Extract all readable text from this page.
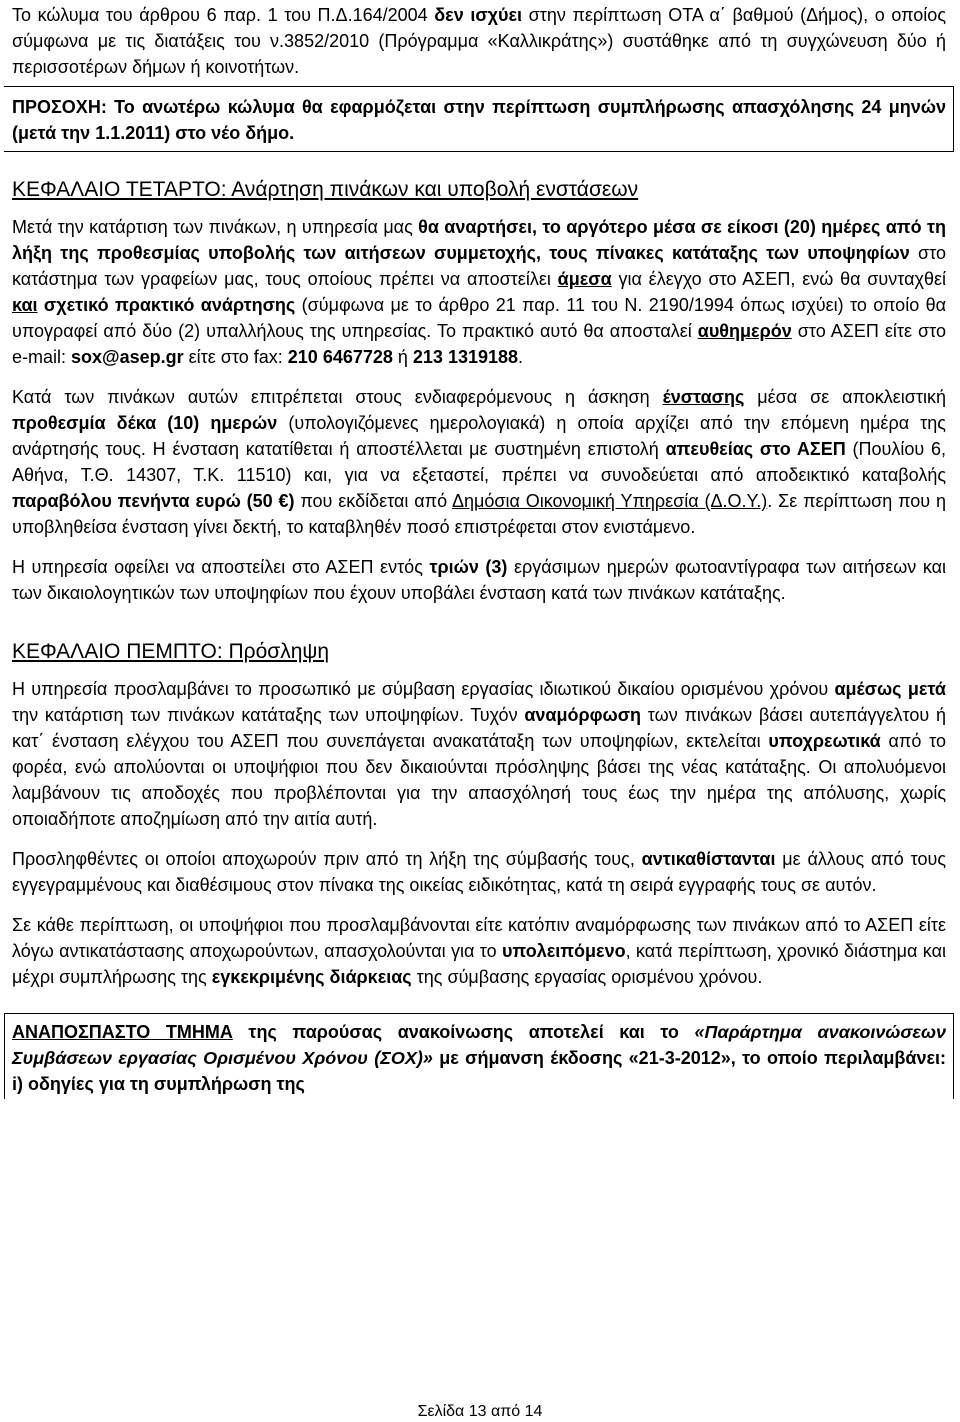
Το κώλυμα του άρθρου 6 παρ. 1 του Π.Δ.164/2004 δεν ισχύει στην περίπτωση ΟΤΑ α΄ βαθμού (Δήμος), ο οποίος σύμφωνα με τις διατάξεις του ν.3852/2010 (Πρόγραμμα «Καλλικράτης») συστάθηκε από τη συγχώνευση δύο ή περισσοτέρων δήμων ή κοινοτήτων.

ΠΡΟΣΟΧΗ: Το ανωτέρω κώλυμα θα εφαρμόζεται στην περίπτωση συμπλήρωσης απασχόλησης 24 μηνών (μετά την 1.1.2011) στο νέο δήμο.

ΚΕΦΑΛΑΙΟ ΤΕΤΑΡΤΟ: Ανάρτηση πινάκων και υποβολή ενστάσεων

Μετά την κατάρτιση των πινάκων, η υπηρεσία μας θα αναρτήσει, το αργότερο μέσα σε είκοσι (20) ημέρες από τη λήξη της προθεσμίας υποβολής των αιτήσεων συμμετοχής, τους πίνακες κατάταξης των υποψηφίων στο κατάστημα των γραφείων μας, τους οποίους πρέπει να αποστείλει άμεσα για έλεγχο στο ΑΣΕΠ, ενώ θα συνταχθεί και σχετικό πρακτικό ανάρτησης (σύμφωνα με το άρθρο 21 παρ. 11 του Ν. 2190/1994 όπως ισχύει) το οποίο θα υπογραφεί από δύο (2) υπαλλήλους της υπηρεσίας. Το πρακτικό αυτό θα αποσταλεί αυθημερόν στο ΑΣΕΠ είτε στο e-mail: sox@asep.gr είτε στο fax: 210 6467728 ή 213 1319188.

Κατά των πινάκων αυτών επιτρέπεται στους ενδιαφερόμενους η άσκηση ένστασης μέσα σε αποκλειστική προθεσμία δέκα (10) ημερών (υπολογιζόμενες ημερολογιακά) η οποία αρχίζει από την επόμενη ημέρα της ανάρτησής τους. Η ένσταση κατατίθεται ή αποστέλλεται με συστημένη επιστολή απευθείας στο ΑΣΕΠ (Πουλίου 6, Αθήνα, Τ.Θ. 14307, Τ.Κ. 11510) και, για να εξεταστεί, πρέπει να συνοδεύεται από αποδεικτικό καταβολής παραβόλου πενήντα ευρώ (50 €) που εκδίδεται από Δημόσια Οικονομική Υπηρεσία (Δ.Ο.Υ.). Σε περίπτωση που η υποβληθείσα ένσταση γίνει δεκτή, το καταβληθέν ποσό επιστρέφεται στον ενιστάμενο.

Η υπηρεσία οφείλει να αποστείλει στο ΑΣΕΠ εντός τριών (3) εργάσιμων ημερών φωτοαντίγραφα των αιτήσεων και των δικαιολογητικών των υποψηφίων που έχουν υποβάλει ένσταση κατά των πινάκων κατάταξης.

ΚΕΦΑΛΑΙΟ ΠΕΜΠΤΟ: Πρόσληψη

Η υπηρεσία προσλαμβάνει το προσωπικό με σύμβαση εργασίας ιδιωτικού δικαίου ορισμένου χρόνου αμέσως μετά την κατάρτιση των πινάκων κατάταξης των υποψηφίων. Τυχόν αναμόρφωση των πινάκων βάσει αυτεπάγγελτου ή κατ΄ ένσταση ελέγχου του ΑΣΕΠ που συνεπάγεται ανακατάταξη των υποψηφίων, εκτελείται υποχρεωτικά από το φορέα, ενώ απολύονται οι υποψήφιοι που δεν δικαιούνται πρόσληψης βάσει της νέας κατάταξης. Οι απολυόμενοι λαμβάνουν τις αποδοχές που προβλέπονται για την απασχόλησή τους έως την ημέρα της απόλυσης, χωρίς οποιαδήποτε αποζημίωση από την αιτία αυτή.

Προσληφθέντες οι οποίοι αποχωρούν πριν από τη λήξη της σύμβασής τους, αντικαθίστανται με άλλους από τους εγγεγραμμένους και διαθέσιμους στον πίνακα της οικείας ειδικότητας, κατά τη σειρά εγγραφής τους σε αυτόν.

Σε κάθε περίπτωση, οι υποψήφιοι που προσλαμβάνονται είτε κατόπιν αναμόρφωσης των πινάκων από το ΑΣΕΠ είτε λόγω αντικατάστασης αποχωρούντων, απασχολούνται για το υπολειπόμενο, κατά περίπτωση, χρονικό διάστημα και μέχρι συμπλήρωσης της εγκεκριμένης διάρκειας της σύμβασης εργασίας ορισμένου χρόνου.

ΑΝΑΠΟΣΠΑΣΤΟ ΤΜΗΜΑ της παρούσας ανακοίνωσης αποτελεί και το «Παράρτημα ανακοινώσεων Συμβάσεων εργασίας Ορισμένου Χρόνου (ΣΟΧ)» με σήμανση έκδοσης «21-3-2012», το οποίο περιλαμβάνει: i) οδηγίες για τη συμπλήρωση της

Σελίδα 13 από 14
